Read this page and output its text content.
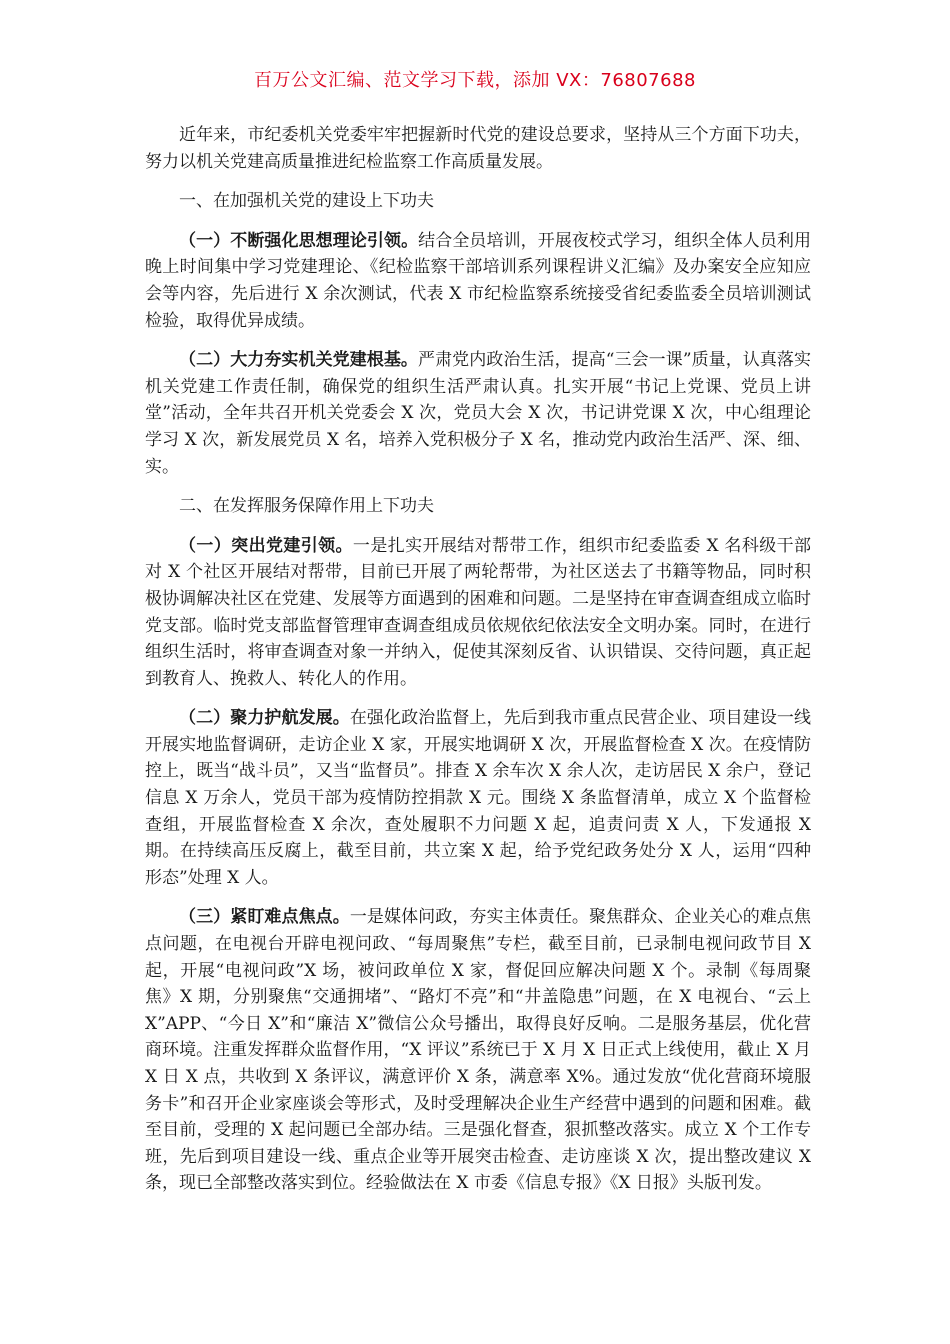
百万公文汇编、范文学习下载，添加 VX：76807688

近年来，市纪委机关党委牢牢把握新时代党的建设总要求，坚持从三个方面下功夫，努力以机关党建高质量推进纪检监察工作高质量发展。

一、在加强机关党的建设上下功夫

（一）不断强化思想理论引领。结合全员培训，开展夜校式学习，组织全体人员利用晚上时间集中学习党建理论、《纪检监察干部培训系列课程讲义汇编》及办案安全应知应会等内容，先后进行 X 余次测试，代表 X 市纪检监察系统接受省纪委监委全员培训测试检验，取得优异成绩。

（二）大力夯实机关党建根基。严肃党内政治生活，提高“三会一课”质量，认真落实机关党建工作责任制，确保党的组织生活严肃认真。扎实开展“书记上党课、党员上讲堂”活动，全年共召开机关党委会 X 次，党员大会 X 次，书记讲党课 X 次，中心组理论学习 X 次，新发展党员 X 名，培养入党积极分子 X 名，推动党内政治生活严、深、细、实。

二、在发挥服务保障作用上下功夫

（一）突出党建引领。一是扎实开展结对帮带工作，组织市纪委监委 X 名科级干部对 X 个社区开展结对帮带，目前已开展了两轮帮带，为社区送去了书籍等物品，同时积极协调解决社区在党建、发展等方面遇到的困难和问题。二是坚持在审查调查组成立临时党支部。临时党支部监督管理审查调查组成员依规依纪依法安全文明办案。同时，在进行组织生活时，将审查调查对象一并纳入，促使其深刻反省、认识错误、交待问题，真正起到教育人、挽救人、转化人的作用。

（二）聚力护航发展。在强化政治监督上，先后到我市重点民营企业、项目建设一线开展实地监督调研，走访企业 X 家，开展实地调研 X 次，开展监督检查 X 次。在疫情防控上，既当“战斗员”，又当“监督员”。排查 X 余车次 X 余人次，走访居民 X 余户，登记信息 X 万余人，党员干部为疫情防控捐款 X 元。围绕 X 条监督清单，成立 X 个监督检查组，开展监督检查 X 余次，查处履职不力问题 X 起，追责问责 X 人，下发通报 X 期。在持续高压反腐上，截至目前，共立案 X 起，给予党纪政务处分 X 人，运用“四种形态”处理 X 人。

（三）紧盯难点焦点。一是媒体问政，夯实主体责任。聚焦群众、企业关心的难点焦点问题，在电视台开辟电视问政、“每周聚焦”专栏，截至目前，已录制电视问政节目 X 起，开展“电视问政”X 场，被问政单位 X 家，督促回应解决问题 X 个。录制《每周聚焦》X 期，分别聚焦“交通拥堵”、“路灯不亮”和“井盖隐患”问题，在 X 电视台、“云上 X”APP、“今日 X”和“廉洁 X”微信公众号播出，取得良好反响。二是服务基层，优化营商环境。注重发挥群众监督作用，“X 评议”系统已于 X 月 X 日正式上线使用，截止 X 月 X 日 X 点，共收到 X 条评议，满意评价 X 条，满意率 X%。通过发放“优化营商环境服务卡”和召开企业家座谈会等形式，及时受理解决企业生产经营中遇到的问题和困难。截至目前，受理的 X 起问题已全部办结。三是强化督查，狠抓整改落实。成立 X 个工作专班，先后到项目建设一线、重点企业等开展突击检查、走访座谈 X 次，提出整改建议 X 条，现已全部整改落实到位。经验做法在 X 市委《信息专报》《X 日报》头版刊发。
